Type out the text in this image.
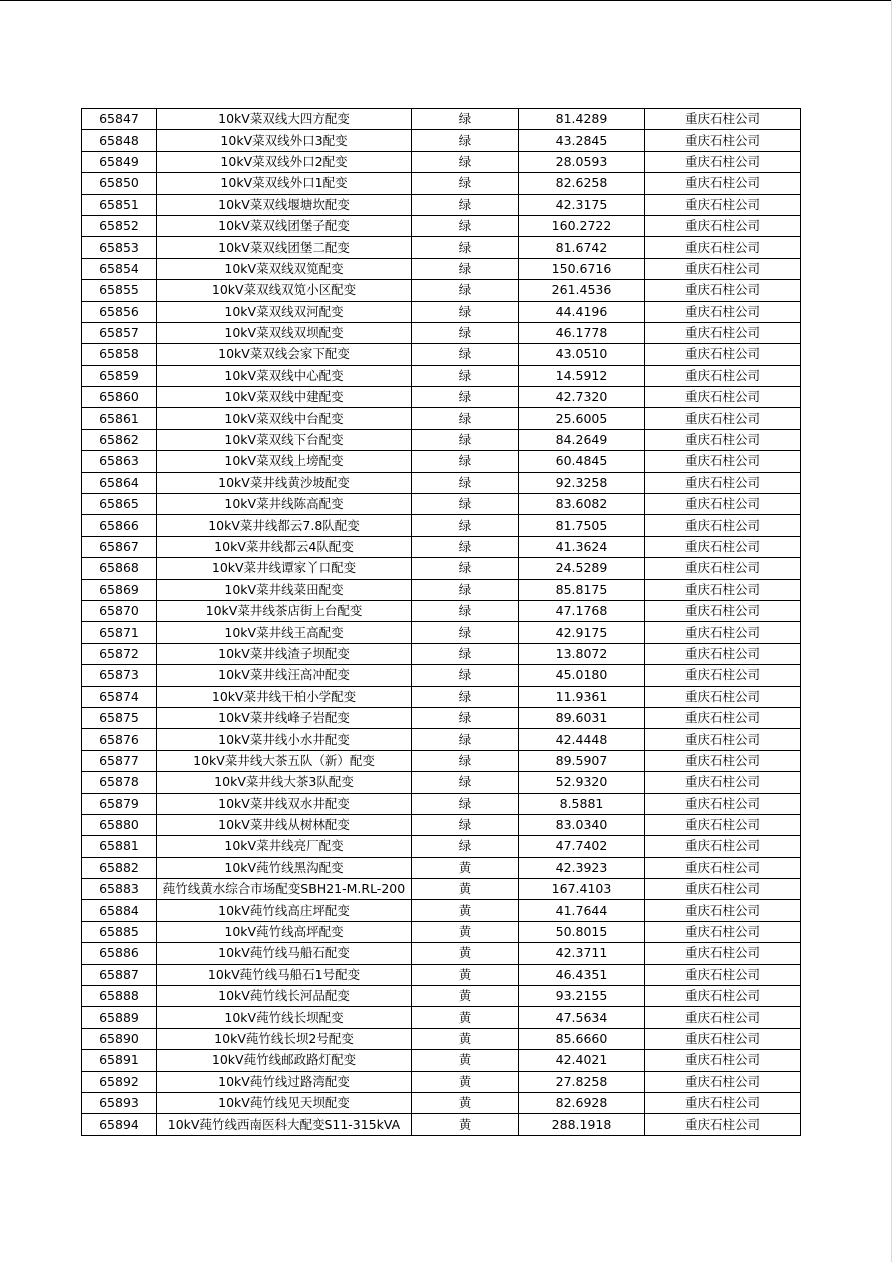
65847	10kV菜双线大四方配变	绿	81.4289	重庆石柱公司
65848	10kV菜双线外口3配变	绿	43.2845	重庆石柱公司
65849	10kV菜双线外口2配变	绿	28.0593	重庆石柱公司
65850	10kV菜双线外口1配变	绿	82.6258	重庆石柱公司
65851	10kV菜双线堰塘坎配变	绿	42.3175	重庆石柱公司
65852	10kV菜双线团堡子配变	绿	160.2722	重庆石柱公司
65853	10kV菜双线团堡二配变	绿	81.6742	重庆石柱公司
65854	10kV菜双线双笕配变	绿	150.6716	重庆石柱公司
65855	10kV菜双线双笕小区配变	绿	261.4536	重庆石柱公司
65856	10kV菜双线双河配变	绿	44.4196	重庆石柱公司
65857	10kV菜双线双坝配变	绿	46.1778	重庆石柱公司
65858	10kV菜双线会家下配变	绿	43.0510	重庆石柱公司
65859	10kV菜双线中心配变	绿	14.5912	重庆石柱公司
65860	10kV菜双线中建配变	绿	42.7320	重庆石柱公司
65861	10kV菜双线中台配变	绿	25.6005	重庆石柱公司
65862	10kV菜双线下台配变	绿	84.2649	重庆石柱公司
65863	10kV菜双线上塝配变	绿	60.4845	重庆石柱公司
65864	10kV菜井线黄沙坡配变	绿	92.3258	重庆石柱公司
65865	10kV菜井线陈高配变	绿	83.6082	重庆石柱公司
65866	10kV菜井线都云7.8队配变	绿	81.7505	重庆石柱公司
65867	10kV菜井线都云4队配变	绿	41.3624	重庆石柱公司
65868	10kV菜井线谭家丫口配变	绿	24.5289	重庆石柱公司
65869	10kV菜井线菜田配变	绿	85.8175	重庆石柱公司
65870	10kV菜井线茶店街上台配变	绿	47.1768	重庆石柱公司
65871	10kV菜井线王高配变	绿	42.9175	重庆石柱公司
65872	10kV菜井线渣子坝配变	绿	13.8072	重庆石柱公司
65873	10kV菜井线汪高冲配变	绿	45.0180	重庆石柱公司
65874	10kV菜井线干柏小学配变	绿	11.9361	重庆石柱公司
65875	10kV菜井线峰子岩配变	绿	89.6031	重庆石柱公司
65876	10kV菜井线小水井配变	绿	42.4448	重庆石柱公司
65877	10kV菜井线大茶五队（新）配变	绿	89.5907	重庆石柱公司
65878	10kV菜井线大茶3队配变	绿	52.9320	重庆石柱公司
65879	10kV菜井线双水井配变	绿	8.5881	重庆石柱公司
65880	10kV菜井线从树林配变	绿	83.0340	重庆石柱公司
65881	10kV菜井线亮厂配变	绿	47.7402	重庆石柱公司
65882	10kV莼竹线黑沟配变	黄	42.3923	重庆石柱公司
65883	莼竹线黄水综合市场配变SBH21-M.RL-200	黄	167.4103	重庆石柱公司
65884	10kV莼竹线高庄坪配变	黄	41.7644	重庆石柱公司
65885	10kV莼竹线高坪配变	黄	50.8015	重庆石柱公司
65886	10kV莼竹线马船石配变	黄	42.3711	重庆石柱公司
65887	10kV莼竹线马船石1号配变	黄	46.4351	重庆石柱公司
65888	10kV莼竹线长河品配变	黄	93.2155	重庆石柱公司
65889	10kV莼竹线长坝配变	黄	47.5634	重庆石柱公司
65890	10kV莼竹线长坝2号配变	黄	85.6660	重庆石柱公司
65891	10kV莼竹线邮政路灯配变	黄	42.4021	重庆石柱公司
65892	10kV莼竹线过路湾配变	黄	27.8258	重庆石柱公司
65893	10kV莼竹线见天坝配变	黄	82.6928	重庆石柱公司
65894	10kV莼竹线西南医科大配变S11-315kVA	黄	288.1918	重庆石柱公司
